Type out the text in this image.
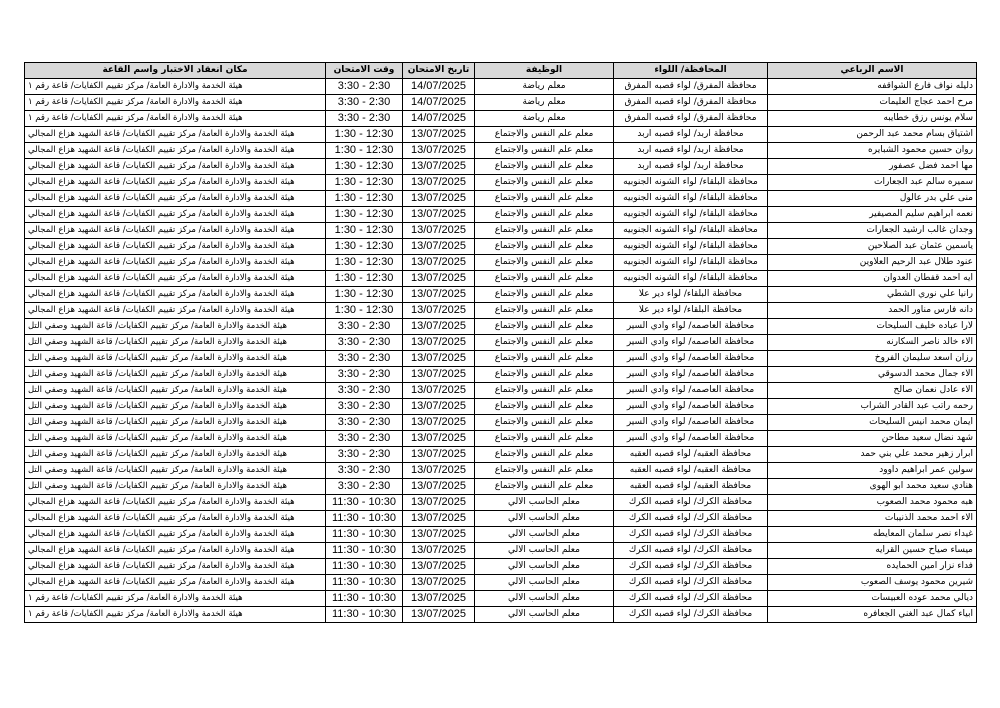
الاسم الرباعي	المحافظة/ اللواء	الوظيفة	تاريخ الامتحان	وقت الامتحان	مكان انعقاد الاختبار واسم القاعة
دليله نواف فارع الشواقفه	محافظة المفرق/ لواء قصبه المفرق	معلم رياضة	14/07/2025	3:30 - 2:30	هيئة الخدمة والادارة العامة/ مركز تقييم الكفايات/ قاعة رقم ١
مرح احمد عجاج العليمات	محافظة المفرق/ لواء قصبه المفرق	معلم رياضة	14/07/2025	3:30 - 2:30	هيئة الخدمة والادارة العامة/ مركز تقييم الكفايات/ قاعة رقم ١
سلام يونس رزق خطايبه	محافظة المفرق/ لواء قصبه المفرق	معلم رياضة	14/07/2025	3:30 - 2:30	هيئة الخدمة والادارة العامة/ مركز تقييم الكفايات/ قاعة رقم ١
اشتياق بسام محمد عبد الرحمن	محافظة اربد/ لواء قصبه اربد	معلم علم النفس والاجتماع	13/07/2025	1:30 - 12:30	هيئة الخدمة والادارة العامة/ مركز تقييم الكفايات/ قاعة الشهيد هزاع المجالي
روان حسين محمود الشبايره	محافظة اربد/ لواء قصبه اربد	معلم علم النفس والاجتماع	13/07/2025	1:30 - 12:30	هيئة الخدمة والادارة العامة/ مركز تقييم الكفايات/ قاعة الشهيد هزاع المجالي
مها احمد فضل عصفور	محافظة اربد/ لواء قصبه اربد	معلم علم النفس والاجتماع	13/07/2025	1:30 - 12:30	هيئة الخدمة والادارة العامة/ مركز تقييم الكفايات/ قاعة الشهيد هزاع المجالي
سميره سالم عبد الجعارات	محافظة البلقاء/ لواء الشونه الجنوبيه	معلم علم النفس والاجتماع	13/07/2025	1:30 - 12:30	هيئة الخدمة والادارة العامة/ مركز تقييم الكفايات/ قاعة الشهيد هزاع المجالي
منى علي بدر عالول	محافظة البلقاء/ لواء الشونه الجنوبيه	معلم علم النفس والاجتماع	13/07/2025	1:30 - 12:30	هيئة الخدمة والادارة العامة/ مركز تقييم الكفايات/ قاعة الشهيد هزاع المجالي
نعمه ابراهيم سليم المصيفير	محافظة البلقاء/ لواء الشونه الجنوبيه	معلم علم النفس والاجتماع	13/07/2025	1:30 - 12:30	هيئة الخدمة والادارة العامة/ مركز تقييم الكفايات/ قاعة الشهيد هزاع المجالي
وجدان غالب ارشيد الجعارات	محافظة البلقاء/ لواء الشونه الجنوبيه	معلم علم النفس والاجتماع	13/07/2025	1:30 - 12:30	هيئة الخدمة والادارة العامة/ مركز تقييم الكفايات/ قاعة الشهيد هزاع المجالي
ياسمين عثمان عبد الصلاحين	محافظة البلقاء/ لواء الشونه الجنوبيه	معلم علم النفس والاجتماع	13/07/2025	1:30 - 12:30	هيئة الخدمة والادارة العامة/ مركز تقييم الكفايات/ قاعة الشهيد هزاع المجالي
عنود طلال عبد الرحيم العلاوين	محافظة البلقاء/ لواء الشونه الجنوبيه	معلم علم النفس والاجتماع	13/07/2025	1:30 - 12:30	هيئة الخدمة والادارة العامة/ مركز تقييم الكفايات/ قاعة الشهيد هزاع المجالي
ايه احمد قفطان العدوان	محافظة البلقاء/ لواء الشونه الجنوبيه	معلم علم النفس والاجتماع	13/07/2025	1:30 - 12:30	هيئة الخدمة والادارة العامة/ مركز تقييم الكفايات/ قاعة الشهيد هزاع المجالي
رانيا علي نوري الشطي	محافظة البلقاء/ لواء دير علا	معلم علم النفس والاجتماع	13/07/2025	1:30 - 12:30	هيئة الخدمة والادارة العامة/ مركز تقييم الكفايات/ قاعة الشهيد هزاع المجالي
دانه فارس مناور الحمد	محافظة البلقاء/ لواء دير علا	معلم علم النفس والاجتماع	13/07/2025	1:30 - 12:30	هيئة الخدمة والادارة العامة/ مركز تقييم الكفايات/ قاعة الشهيد هزاع المجالي
لارا عباده خليف السليحات	محافظة العاصمه/ لواء وادي السير	معلم علم النفس والاجتماع	13/07/2025	3:30 - 2:30	هيئة الخدمة والادارة العامة/ مركز تقييم الكفايات/ قاعة الشهيد وصفي التل
الاء خالد ناصر السكارنه	محافظة العاصمه/ لواء وادي السير	معلم علم النفس والاجتماع	13/07/2025	3:30 - 2:30	هيئة الخدمة والادارة العامة/ مركز تقييم الكفايات/ قاعة الشهيد وصفي التل
رزان اسعد سليمان الفروخ	محافظة العاصمه/ لواء وادي السير	معلم علم النفس والاجتماع	13/07/2025	3:30 - 2:30	هيئة الخدمة والادارة العامة/ مركز تقييم الكفايات/ قاعة الشهيد وصفي التل
الاء جمال محمد الدسوقي	محافظة العاصمه/ لواء وادي السير	معلم علم النفس والاجتماع	13/07/2025	3:30 - 2:30	هيئة الخدمة والادارة العامة/ مركز تقييم الكفايات/ قاعة الشهيد وصفي التل
الاء عادل نعمان صالح	محافظة العاصمه/ لواء وادي السير	معلم علم النفس والاجتماع	13/07/2025	3:30 - 2:30	هيئة الخدمة والادارة العامة/ مركز تقييم الكفايات/ قاعة الشهيد وصفي التل
رحمه راتب عبد القادر الشراب	محافظة العاصمه/ لواء وادي السير	معلم علم النفس والاجتماع	13/07/2025	3:30 - 2:30	هيئة الخدمة والادارة العامة/ مركز تقييم الكفايات/ قاعة الشهيد وصفي التل
ايمان محمد انيس السليحات	محافظة العاصمه/ لواء وادي السير	معلم علم النفس والاجتماع	13/07/2025	3:30 - 2:30	هيئة الخدمة والادارة العامة/ مركز تقييم الكفايات/ قاعة الشهيد وصفي التل
شهد نضال سعيد مطاحن	محافظة العاصمه/ لواء وادي السير	معلم علم النفس والاجتماع	13/07/2025	3:30 - 2:30	هيئة الخدمة والادارة العامة/ مركز تقييم الكفايات/ قاعة الشهيد وصفي التل
ابرار زهير محمد علي بني حمد	محافظة العقبه/ لواء قصبه العقبه	معلم علم النفس والاجتماع	13/07/2025	3:30 - 2:30	هيئة الخدمة والادارة العامة/ مركز تقييم الكفايات/ قاعة الشهيد وصفي التل
سولين عمر ابراهيم داوود	محافظة العقبه/ لواء قصبه العقبه	معلم علم النفس والاجتماع	13/07/2025	3:30 - 2:30	هيئة الخدمة والادارة العامة/ مركز تقييم الكفايات/ قاعة الشهيد وصفي التل
هنادي سعيد محمد ابو الهوى	محافظة العقبه/ لواء قصبه العقبه	معلم علم النفس والاجتماع	13/07/2025	3:30 - 2:30	هيئة الخدمة والادارة العامة/ مركز تقييم الكفايات/ قاعة الشهيد وصفي التل
هبه محمود محمد الصعوب	محافظة الكرك/ لواء قصبه الكرك	معلم الحاسب الالي	13/07/2025	11:30 - 10:30	هيئة الخدمة والادارة العامة/ مركز تقييم الكفايات/ قاعة الشهيد هزاع المجالي
الاء احمد محمد الذنيبات	محافظة الكرك/ لواء قصبه الكرك	معلم الحاسب الالي	13/07/2025	11:30 - 10:30	هيئة الخدمة والادارة العامة/ مركز تقييم الكفايات/ قاعة الشهيد هزاع المجالي
غيداء نصر سلمان المعايطه	محافظة الكرك/ لواء قصبه الكرك	معلم الحاسب الالي	13/07/2025	11:30 - 10:30	هيئة الخدمة والادارة العامة/ مركز تقييم الكفايات/ قاعة الشهيد هزاع المجالي
ميساء صياح حسين القرايه	محافظة الكرك/ لواء قصبه الكرك	معلم الحاسب الالي	13/07/2025	11:30 - 10:30	هيئة الخدمة والادارة العامة/ مركز تقييم الكفايات/ قاعة الشهيد هزاع المجالي
فداء نزار امين الحمايده	محافظة الكرك/ لواء قصبه الكرك	معلم الحاسب الالي	13/07/2025	11:30 - 10:30	هيئة الخدمة والادارة العامة/ مركز تقييم الكفايات/ قاعة الشهيد هزاع المجالي
شيرين محمود يوسف الصعوب	محافظة الكرك/ لواء قصبه الكرك	معلم الحاسب الالي	13/07/2025	11:30 - 10:30	هيئة الخدمة والادارة العامة/ مركز تقييم الكفايات/ قاعة الشهيد هزاع المجالي
ديالي محمد عوده العبيسات	محافظة الكرك/ لواء قصبه الكرك	معلم الحاسب الالي	13/07/2025	11:30 - 10:30	هيئة الخدمة والادارة العامة/ مركز تقييم الكفايات/ قاعة رقم ١
ابياء كمال عبد الغني الجعافره	محافظة الكرك/ لواء قصبه الكرك	معلم الحاسب الالي	13/07/2025	11:30 - 10:30	هيئة الخدمة والادارة العامة/ مركز تقييم الكفايات/ قاعة رقم ١
